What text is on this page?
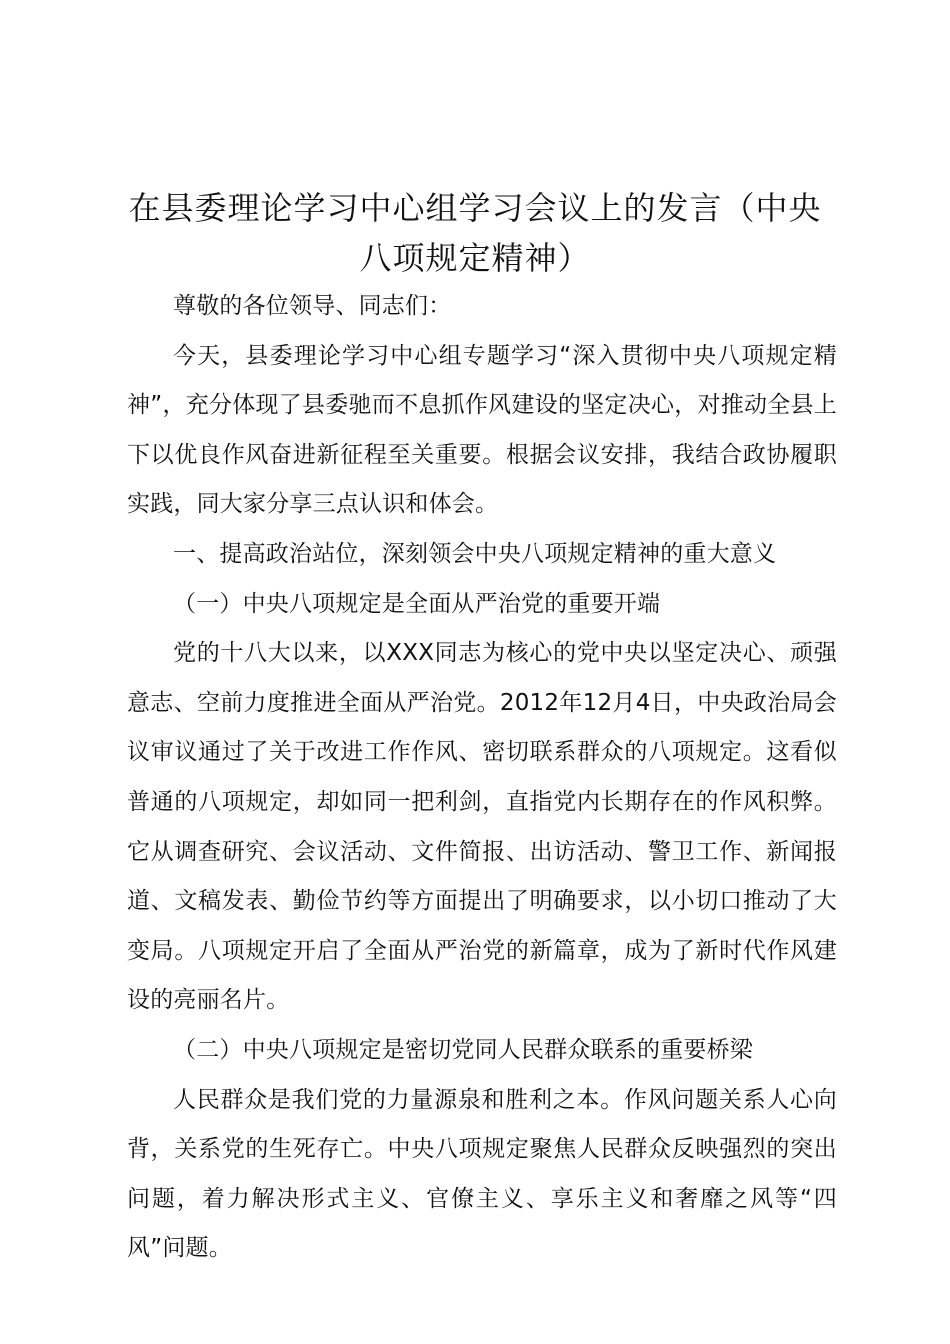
在县委理论学习中心组学习会议上的发言（中央八项规定精神）

尊敬的各位领导、同志们：

今天，县委理论学习中心组专题学习“深入贯彻中央八项规定精神”，充分体现了县委驰而不息抓作风建设的坚定决心，对推动全县上下以优良作风奋进新征程至关重要。根据会议安排，我结合政协履职实践，同大家分享三点认识和体会。

一、提高政治站位，深刻领会中央八项规定精神的重大意义

（一）中央八项规定是全面从严治党的重要开端

党的十八大以来，以XXX同志为核心的党中央以坚定决心、顽强意志、空前力度推进全面从严治党。2012年12月4日，中央政治局会议审议通过了关于改进工作作风、密切联系群众的八项规定。这看似普通的八项规定，却如同一把利剑，直指党内长期存在的作风积弊。它从调查研究、会议活动、文件简报、出访活动、警卫工作、新闻报道、文稿发表、勤俭节约等方面提出了明确要求，以小切口推动了大变局。八项规定开启了全面从严治党的新篇章，成为了新时代作风建设的亮丽名片。

（二）中央八项规定是密切党同人民群众联系的重要桥梁

人民群众是我们党的力量源泉和胜利之本。作风问题关系人心向背，关系党的生死存亡。中央八项规定聚焦人民群众反映强烈的突出问题，着力解决形式主义、官僚主义、享乐主义和奢靡之风等“四风”问题。
